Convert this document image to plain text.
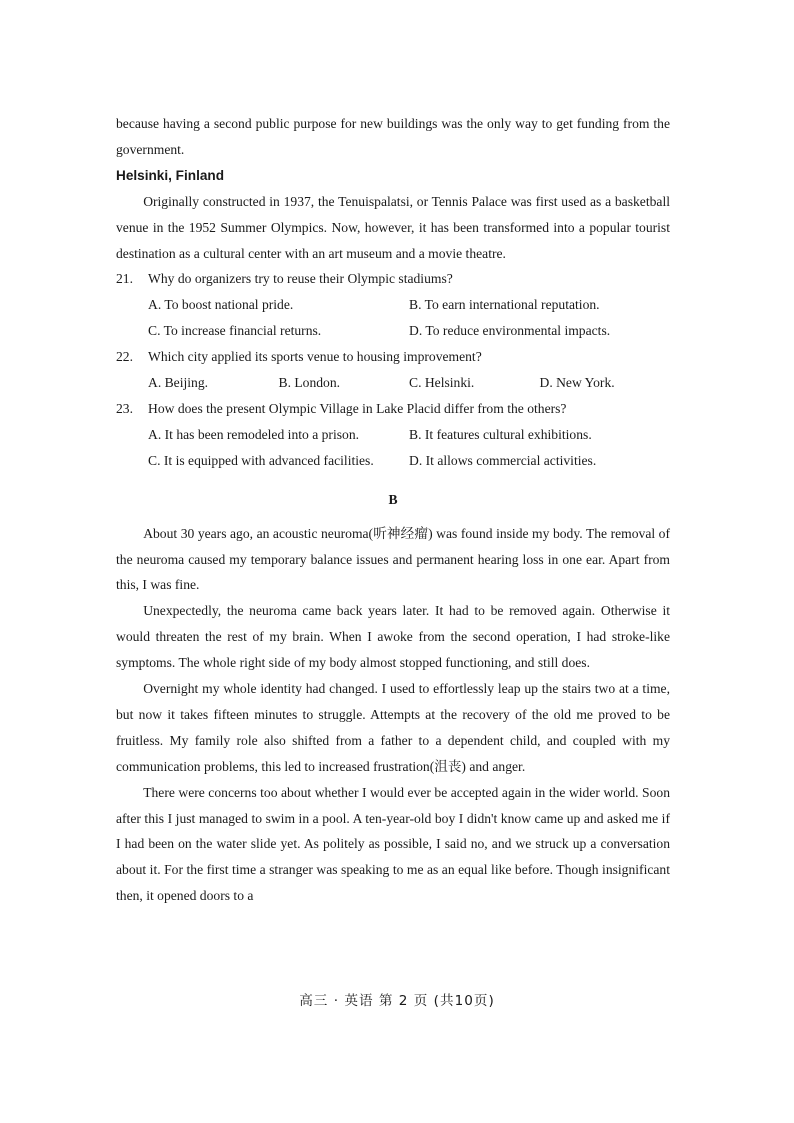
because having a second public purpose for new buildings was the only way to get funding from the government.

Helsinki, Finland

Originally constructed in 1937, the Tenuispalatsi, or Tennis Palace was first used as a basketball venue in the 1952 Summer Olympics. Now, however, it has been transformed into a popular tourist destination as a cultural center with an art museum and a movie theatre.

21. Why do organizers try to reuse their Olympic stadiums?

A. To boost national pride.	B. To earn international reputation.
C. To increase financial returns.	D. To reduce environmental impacts.

22. Which city applied its sports venue to housing improvement?

A. Beijing.	B. London.	C. Helsinki.	D. New York.

23. How does the present Olympic Village in Lake Placid differ from the others?

A. It has been remodeled into a prison.	B. It features cultural exhibitions.
C. It is equipped with advanced facilities.	D. It allows commercial activities.

B

About 30 years ago, an acoustic neuroma(听神经瘤) was found inside my body. The removal of the neuroma caused my temporary balance issues and permanent hearing loss in one ear. Apart from this, I was fine.

Unexpectedly, the neuroma came back years later. It had to be removed again. Otherwise it would threaten the rest of my brain. When I awoke from the second operation, I had stroke-like symptoms. The whole right side of my body almost stopped functioning, and still does.

Overnight my whole identity had changed. I used to effortlessly leap up the stairs two at a time, but now it takes fifteen minutes to struggle. Attempts at the recovery of the old me proved to be fruitless. My family role also shifted from a father to a dependent child, and coupled with my communication problems, this led to increased frustration(沮丧) and anger.

There were concerns too about whether I would ever be accepted again in the wider world. Soon after this I just managed to swim in a pool. A ten-year-old boy I didn't know came up and asked me if I had been on the water slide yet. As politely as possible, I said no, and we struck up a conversation about it. For the first time a stranger was speaking to me as an equal like before. Though insignificant then, it opened doors to a

高三 · 英语 第 2 页 (共10页)
